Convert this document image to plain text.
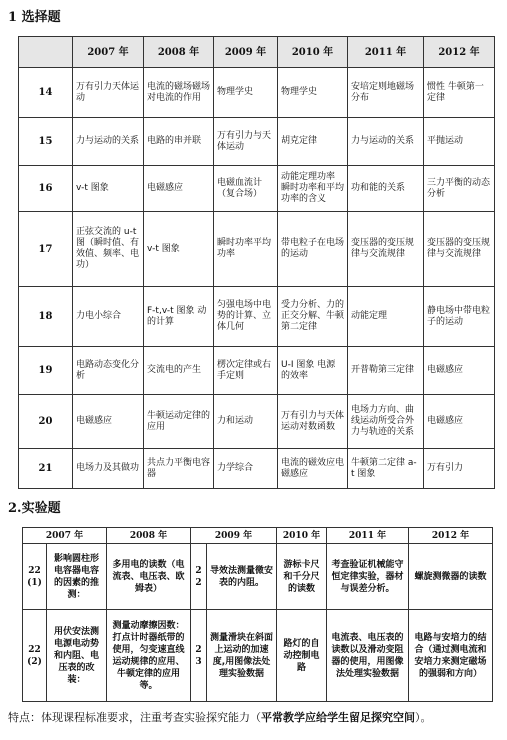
1 选择题
	2007 年	2008 年	2009 年	2010 年	2011 年	2012 年
14	万有引力天体运动	电流的磁场磁场对电流的作用	物理学史	物理学史	安培定则地磁场分布	惯性 牛顿第一定律
15	力与运动的关系	电路的串并联	万有引力与天体运动	胡克定律	力与运动的关系	平抛运动
16	v-t 图象	电磁感应	电磁血流计（复合场）	动能定理功率 瞬时功率和平均功率的含义	功和能的关系	三力平衡的动态分析
17	正弦交流的 u-t 图（瞬时值、有效值、频率、电功）	v-t 图象	瞬时功率平均功率	带电粒子在电场的运动	变压器的变压规律与交流规律	变压器的变压规律与交流规律
18	力电小综合	F-t,v-t 图象 动的计算	匀强电场中电势的计算、立体几何	受力分析、力的正交分解、牛顿第二定律	动能定理	静电场中带电粒子的运动
19	电路动态变化分析	交流电的产生	楞次定律或右手定则	U-I 图象 电源的效率	开普勒第三定律	电磁感应
20	电磁感应	牛顿运动定律的应用	力和运动	万有引力与天体运动对数函数	电场力方向、曲线运动所受合外力与轨迹的关系	电磁感应
21	电场力及其做功	共点力平衡电容器	力学综合	电流的磁效应电磁感应	牛顿第二定律 a-t 图象	万有引力
2.实验题
2007 年		2008 年	2009 年		2010 年	2011 年	2012 年
22 (1)	影响圆柱形电容器电容的因素的推测：	多用电的读数（电流表、电压表、欧姆表）	22	导效法测量微安表的内阻。	游标卡尺和千分尺的读数	考查验证机械能守恒定律实验，器材与误差分析。	螺旋测微器的读数
22 (2)	用伏安法测电源电动势和内阻、电压表的改装：	测量动摩擦因数：打点计时器纸带的使用，匀变速直线运动规律的应用、牛顿定律的应用等。	23	测量滑块在斜面上运动的加速度,用图像法处理实验数据	路灯的自动控制电路	电流表、电压表的读数以及滑动变阻器的使用，用图像法处理实验数据	电路与安培力的结合（通过测电流和安培力来测定磁场的强弱和方向）
特点：体现课程标准要求，注重考查实验探究能力（平常教学应给学生留足探究空间）。
